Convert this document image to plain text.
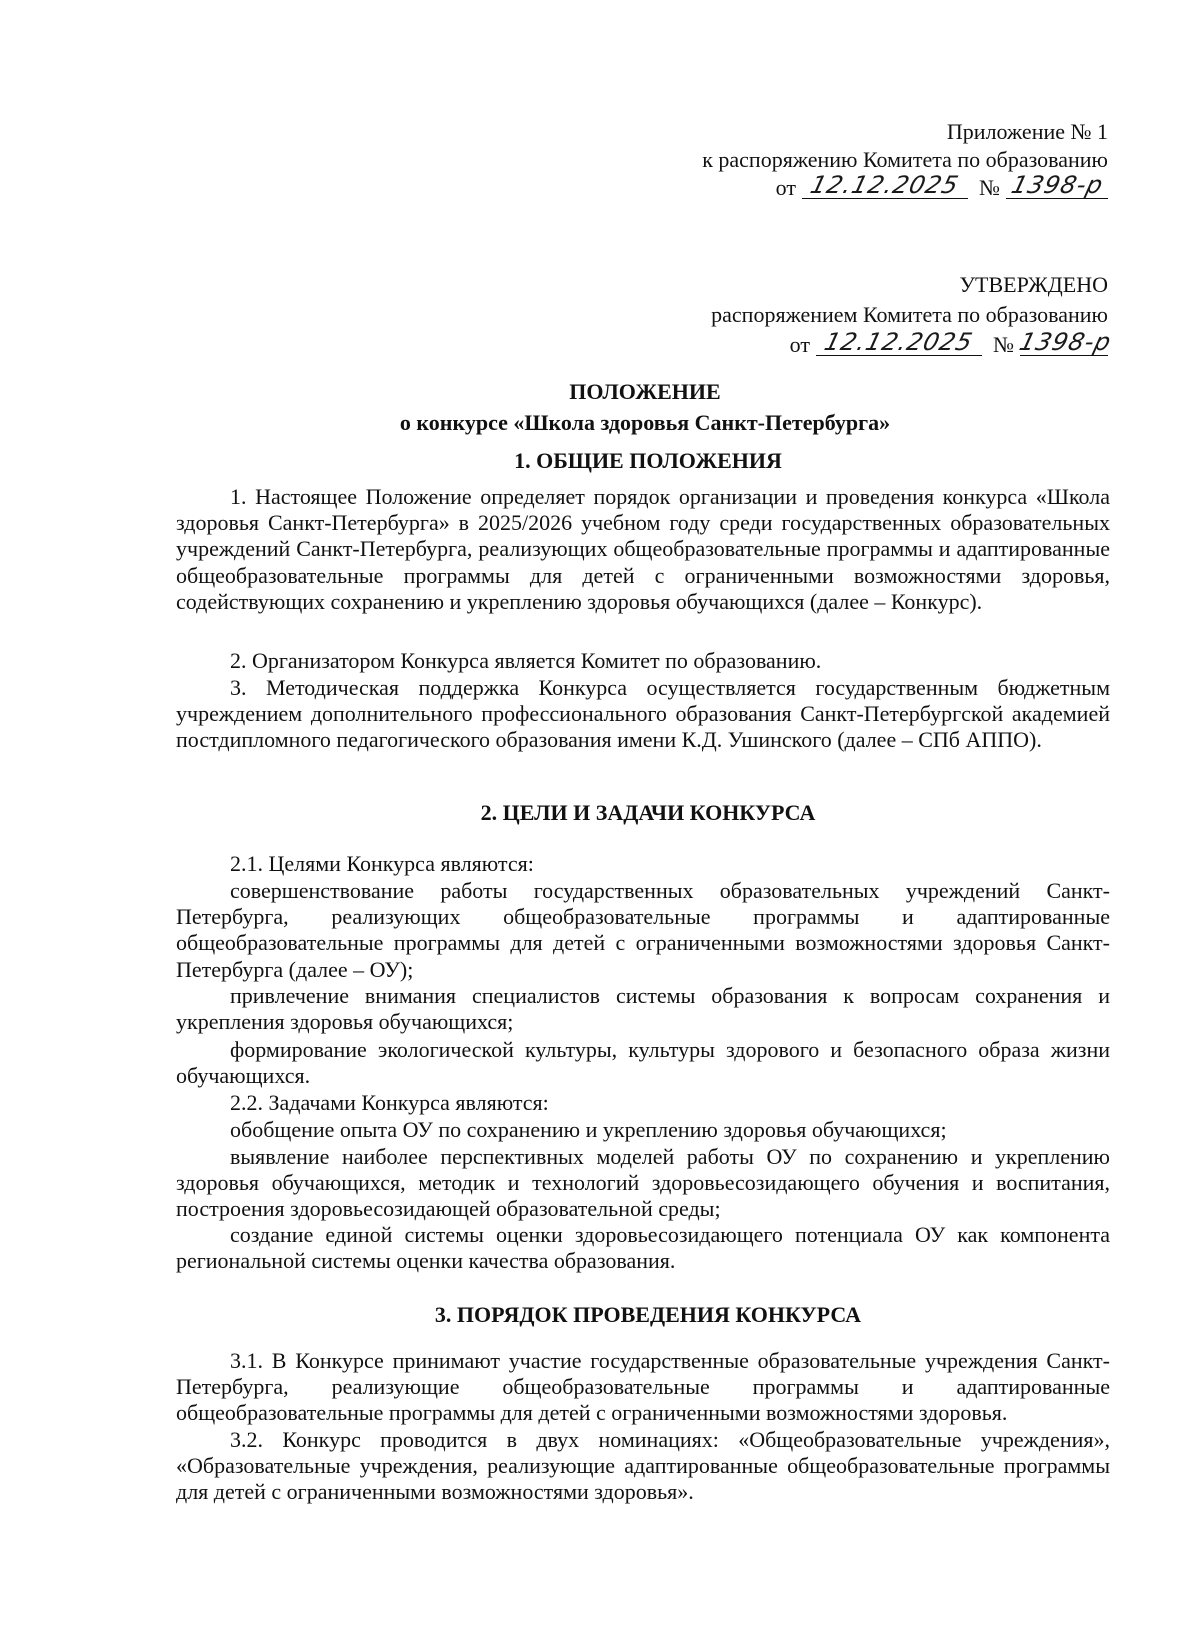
Приложение № 1
к распоряжению Комитета по образованию
от 12.12.2025 № 1398-р
УТВЕРЖДЕНО
распоряжением Комитета по образованию
от 12.12.2025 № 1398-р
ПОЛОЖЕНИЕ
о конкурсе «Школа здоровья Санкт-Петербурга»
1. ОБЩИЕ ПОЛОЖЕНИЯ

1. Настоящее Положение определяет порядок организации и проведения конкурса «Школа здоровья Санкт-Петербурга» в 2025/2026 учебном году среди государственных образовательных учреждений Санкт-Петербурга, реализующих общеобразовательные программы и адаптированные общеобразовательные программы для детей с ограниченными возможностями здоровья, содействующих сохранению и укреплению здоровья обучающихся (далее – Конкурс).

2. Организатором Конкурса является Комитет по образованию.

3. Методическая поддержка Конкурса осуществляется государственным бюджетным учреждением дополнительного профессионального образования Санкт-Петербургской академией постдипломного педагогического образования имени К.Д. Ушинского (далее – СПб АППО).

2. ЦЕЛИ И ЗАДАЧИ КОНКУРСА

2.1. Целями Конкурса являются:

совершенствование работы государственных образовательных учреждений Санкт-Петербурга, реализующих общеобразовательные программы и адаптированные общеобразовательные программы для детей с ограниченными возможностями здоровья Санкт-Петербурга (далее – ОУ);

привлечение внимания специалистов системы образования к вопросам сохранения и укрепления здоровья обучающихся;

формирование экологической культуры, культуры здорового и безопасного образа жизни обучающихся.

2.2. Задачами Конкурса являются:

обобщение опыта ОУ по сохранению и укреплению здоровья обучающихся;

выявление наиболее перспективных моделей работы ОУ по сохранению и укреплению здоровья обучающихся, методик и технологий здоровьесозидающего обучения и воспитания, построения здоровьесозидающей образовательной среды;

создание единой системы оценки здоровьесозидающего потенциала ОУ как компонента региональной системы оценки качества образования.

3. ПОРЯДОК ПРОВЕДЕНИЯ КОНКУРСА

3.1. В Конкурсе принимают участие государственные образовательные учреждения Санкт-Петербурга, реализующие общеобразовательные программы и адаптированные общеобразовательные программы для детей с ограниченными возможностями здоровья.

3.2. Конкурс проводится в двух номинациях: «Общеобразовательные учреждения», «Образовательные учреждения, реализующие адаптированные общеобразовательные программы для детей с ограниченными возможностями здоровья».
